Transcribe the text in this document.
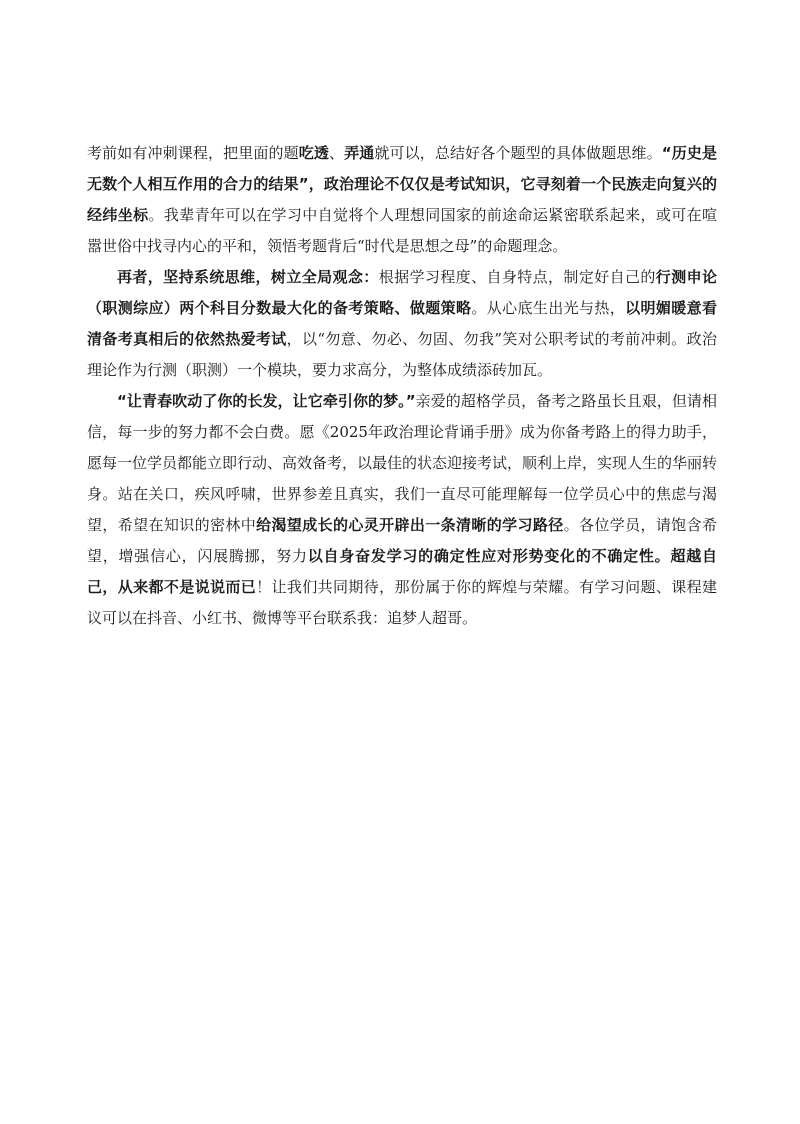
考前如有冲刺课程，把里面的题吃透、弄通就可以，总结好各个题型的具体做题思维。“历史是无数个人相互作用的合力的结果”，政治理论不仅仅是考试知识，它寻刻着一个民族走向复兴的经纬坐标。我辈青年可以在学习中自觉将个人理想同国家的前途命运紧密联系起来，或可在喧嚣世俗中找寻内心的平和，领悟考题背后“时代是思想之母”的命题理念。

再者，坚持系统思维，树立全局观念：根据学习程度、自身特点，制定好自己的行测申论（职测综应）两个科目分数最大化的备考策略、做题策略。从心底生出光与热，以明媚暖意看清备考真相后的依然热爱考试，以“勿意、勿必、勿固、勿我”笑对公职考试的考前冲刺。政治理论作为行测（职测）一个模块，要力求高分，为整体成绩添砖加瓦。

“让青春吹动了你的长发，让它牵引你的梦。”亲爱的超格学员，备考之路虽长且艰，但请相信，每一步的努力都不会白费。愿《2025年政治理论背诵手册》成为你备考路上的得力助手，愿每一位学员都能立即行动、高效备考，以最佳的状态迎接考试，顺利上岸，实现人生的华丽转身。站在关口，疾风呼啸，世界参差且真实，我们一直尽可能理解每一位学员心中的焦虑与渴望，希望在知识的密林中给渴望成长的心灵开辟出一条清晰的学习路径。各位学员，请饱含希望，增强信心，闪展腾挪，努力以自身奋发学习的确定性应对形势变化的不确定性。超越自己，从来都不是说说而已！让我们共同期待，那份属于你的辉煌与荣耀。有学习问题、课程建议可以在抖音、小红书、微博等平台联系我：追梦人超哥。
